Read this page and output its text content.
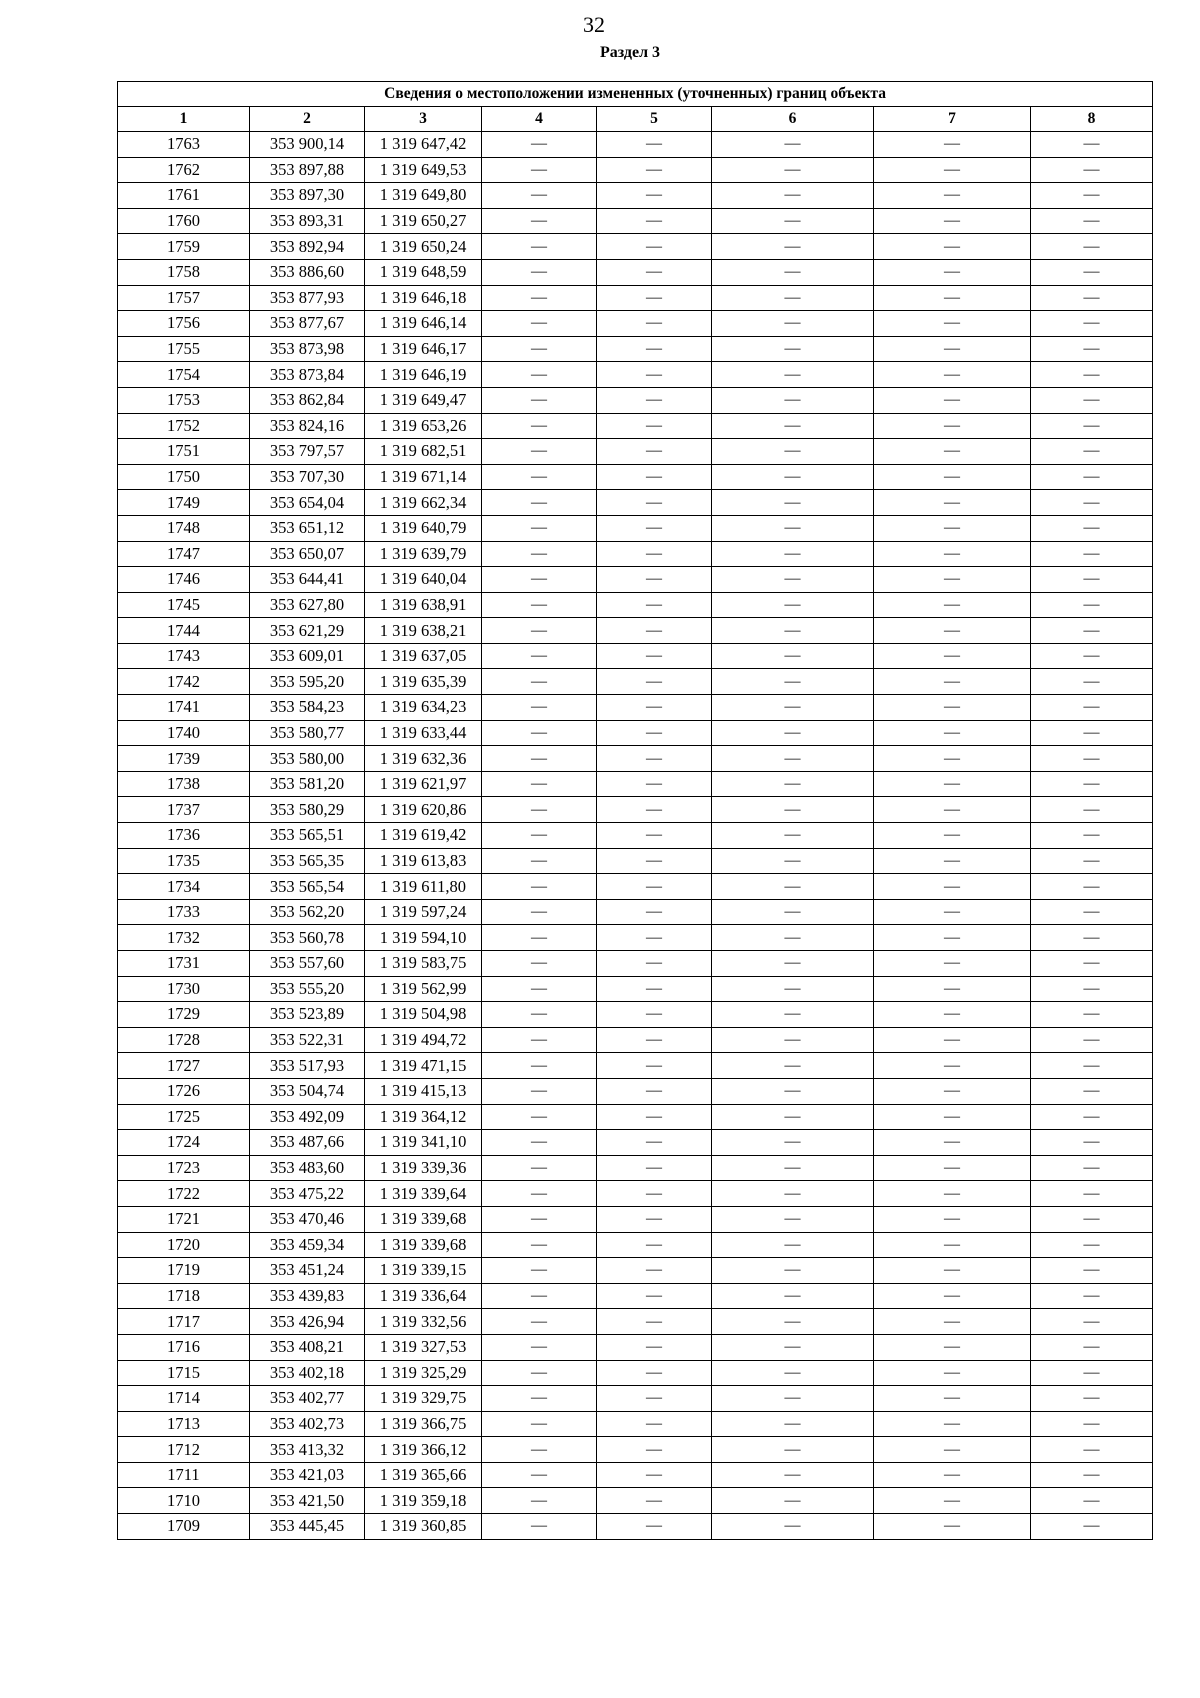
32
Раздел 3
Сведения о местоположении измененных (уточненных) границ объекта							
1	2	3	4	5	6	7	8
1763	353 900,14	1 319 647,42	—	—	—	—	—
1762	353 897,88	1 319 649,53	—	—	—	—	—
1761	353 897,30	1 319 649,80	—	—	—	—	—
1760	353 893,31	1 319 650,27	—	—	—	—	—
1759	353 892,94	1 319 650,24	—	—	—	—	—
1758	353 886,60	1 319 648,59	—	—	—	—	—
1757	353 877,93	1 319 646,18	—	—	—	—	—
1756	353 877,67	1 319 646,14	—	—	—	—	—
1755	353 873,98	1 319 646,17	—	—	—	—	—
1754	353 873,84	1 319 646,19	—	—	—	—	—
1753	353 862,84	1 319 649,47	—	—	—	—	—
1752	353 824,16	1 319 653,26	—	—	—	—	—
1751	353 797,57	1 319 682,51	—	—	—	—	—
1750	353 707,30	1 319 671,14	—	—	—	—	—
1749	353 654,04	1 319 662,34	—	—	—	—	—
1748	353 651,12	1 319 640,79	—	—	—	—	—
1747	353 650,07	1 319 639,79	—	—	—	—	—
1746	353 644,41	1 319 640,04	—	—	—	—	—
1745	353 627,80	1 319 638,91	—	—	—	—	—
1744	353 621,29	1 319 638,21	—	—	—	—	—
1743	353 609,01	1 319 637,05	—	—	—	—	—
1742	353 595,20	1 319 635,39	—	—	—	—	—
1741	353 584,23	1 319 634,23	—	—	—	—	—
1740	353 580,77	1 319 633,44	—	—	—	—	—
1739	353 580,00	1 319 632,36	—	—	—	—	—
1738	353 581,20	1 319 621,97	—	—	—	—	—
1737	353 580,29	1 319 620,86	—	—	—	—	—
1736	353 565,51	1 319 619,42	—	—	—	—	—
1735	353 565,35	1 319 613,83	—	—	—	—	—
1734	353 565,54	1 319 611,80	—	—	—	—	—
1733	353 562,20	1 319 597,24	—	—	—	—	—
1732	353 560,78	1 319 594,10	—	—	—	—	—
1731	353 557,60	1 319 583,75	—	—	—	—	—
1730	353 555,20	1 319 562,99	—	—	—	—	—
1729	353 523,89	1 319 504,98	—	—	—	—	—
1728	353 522,31	1 319 494,72	—	—	—	—	—
1727	353 517,93	1 319 471,15	—	—	—	—	—
1726	353 504,74	1 319 415,13	—	—	—	—	—
1725	353 492,09	1 319 364,12	—	—	—	—	—
1724	353 487,66	1 319 341,10	—	—	—	—	—
1723	353 483,60	1 319 339,36	—	—	—	—	—
1722	353 475,22	1 319 339,64	—	—	—	—	—
1721	353 470,46	1 319 339,68	—	—	—	—	—
1720	353 459,34	1 319 339,68	—	—	—	—	—
1719	353 451,24	1 319 339,15	—	—	—	—	—
1718	353 439,83	1 319 336,64	—	—	—	—	—
1717	353 426,94	1 319 332,56	—	—	—	—	—
1716	353 408,21	1 319 327,53	—	—	—	—	—
1715	353 402,18	1 319 325,29	—	—	—	—	—
1714	353 402,77	1 319 329,75	—	—	—	—	—
1713	353 402,73	1 319 366,75	—	—	—	—	—
1712	353 413,32	1 319 366,12	—	—	—	—	—
1711	353 421,03	1 319 365,66	—	—	—	—	—
1710	353 421,50	1 319 359,18	—	—	—	—	—
1709	353 445,45	1 319 360,85	—	—	—	—	—
